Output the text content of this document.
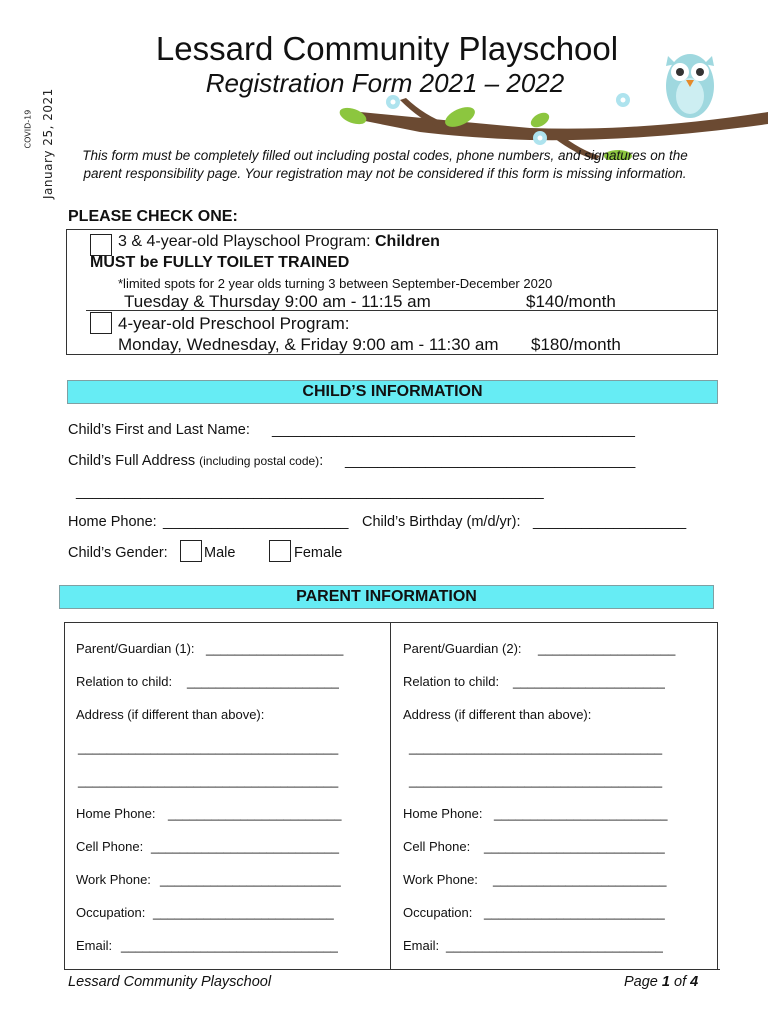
January 25, 2021
COVID-19
Lessard Community Playschool
Registration Form 2021 – 2022
This form must be completely filled out including postal codes, phone numbers, and signatures on the parent responsibility page. Your registration may not be considered if this form is missing information.
PLEASE CHECK ONE:
3 & 4-year-old Playschool Program: Children
MUST be FULLY TOILET TRAINED
*limited spots for 2 year olds turning 3 between September-December 2020
Tuesday & Thursday 9:00 am - 11:15 am	$140/month
4-year-old Preschool Program:
Monday, Wednesday, & Friday 9:00 am - 11:30 am $180/month
CHILD’S INFORMATION
Child’s First and Last Name: _____________________________________________
Child’s Full Address (including postal code): ____________________________________
__________________________________________________________
Home Phone: _______________________ Child’s Birthday (m/d/yr): ___________________
Child’s Gender:	Male	Female
PARENT INFORMATION
Parent/Guardian (1): ___________________
Relation to child: _____________________
Address (if different than above):
____________________________________
____________________________________
Home Phone: ________________________
Cell Phone: __________________________
Work Phone: _________________________
Occupation: _________________________
Email: ______________________________
Parent/Guardian (2): ___________________
Relation to child: _____________________
Address (if different than above):
___________________________________
___________________________________
Home Phone: ________________________
Cell Phone: _________________________
Work Phone: ________________________
Occupation: _________________________
Email: ______________________________
Lessard Community Playschool	Page 1 of 4
